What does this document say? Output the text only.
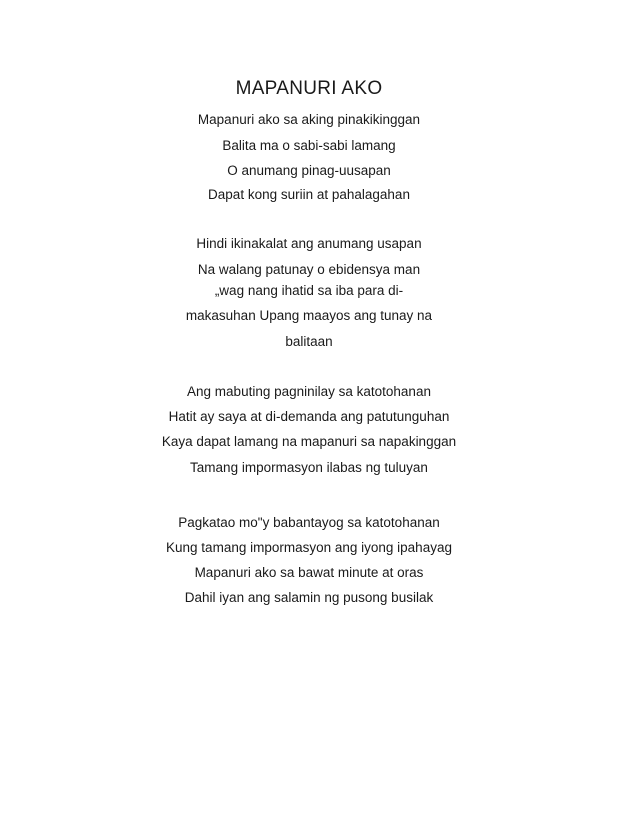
MAPANURI AKO

Mapanuri ako sa aking pinakikinggan

Balita ma o sabi-sabi lamang

O anumang pinag-uusapan

Dapat kong suriin at pahalagahan

Hindi ikinakalat ang anumang usapan

Na walang patunay o ebidensya man

„wag nang ihatid sa iba para di-

makasuhan Upang maayos ang tunay na

balitaan

Ang mabuting pagninilay sa katotohanan

Hatit ay saya at di-demanda ang patutunguhan

Kaya dapat lamang na mapanuri sa napakinggan

Tamang impormasyon ilabas ng tuluyan

Pagkatao mo"y babantayog sa katotohanan

Kung tamang impormasyon ang iyong ipahayag

Mapanuri ako sa bawat minute at oras

Dahil iyan ang salamin ng pusong busilak
